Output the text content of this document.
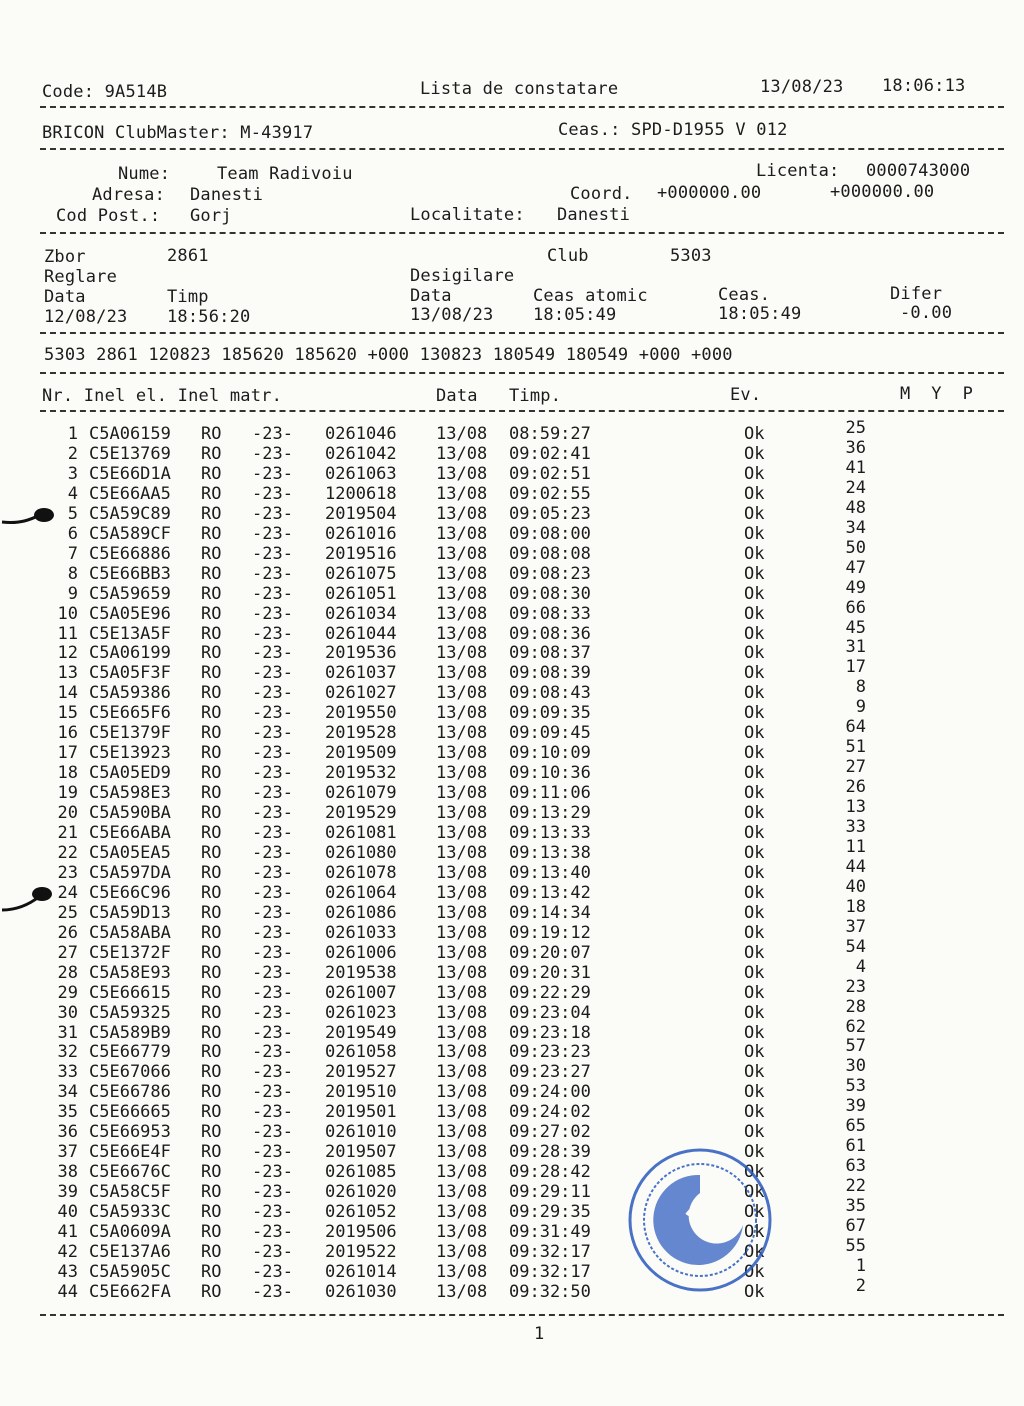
Code: 9A514B	Lista de constatare	13/08/23 18:06:13
BRICON ClubMaster: M-43917	Ceas.: SPD-D1955 V 012
Nume:	Team Radivoiu	Licenta: 0000743000
Adresa: Danesti	Coord. +000000.00	+000000.00
Cod Post.: Gorj	Localitate: Danesti
Zbor	2861	Club	5303
Reglare	Desigilare
Data	Timp	Data	Ceas atomic	Ceas.	Difer
12/08/23 18:56:20	13/08/23 18:05:49	18:05:49	-0.00
5303 2861 120823 185620 185620 +000 130823 180549 180549 +000 +000
Nr. Inel el. Inel matr.	Data Timp.	Ev.	M  Y  P
1 C5A06159 RO -23- 0261046 13/08 08:59:27	Ok	25
2 C5E13769 RO -23- 0261042 13/08 09:02:41	Ok	36
3 C5E66D1A RO -23- 0261063 13/08 09:02:51	Ok	41
4 C5E66AA5 RO -23- 1200618 13/08 09:02:55	Ok	24
5 C5A59C89 RO -23- 2019504 13/08 09:05:23	Ok	48
6 C5A589CF RO -23- 0261016 13/08 09:08:00	Ok	34
7 C5E66886 RO -23- 2019516 13/08 09:08:08	Ok	50
8 C5E66BB3 RO -23- 0261075 13/08 09:08:23	Ok	47
9 C5A59659 RO -23- 0261051 13/08 09:08:30	Ok	49
10 C5A05E96 RO -23- 0261034 13/08 09:08:33	Ok	66
11 C5E13A5F RO -23- 0261044 13/08 09:08:36	Ok	45
12 C5A06199 RO -23- 2019536 13/08 09:08:37	Ok	31
13 C5A05F3F RO -23- 0261037 13/08 09:08:39	Ok	17
14 C5A59386 RO -23- 0261027 13/08 09:08:43	Ok	8
15 C5E665F6 RO -23- 2019550 13/08 09:09:35	Ok	9
16 C5E1379F RO -23- 2019528 13/08 09:09:45	Ok	64
17 C5E13923 RO -23- 2019509 13/08 09:10:09	Ok	51
18 C5A05ED9 RO -23- 2019532 13/08 09:10:36	Ok	27
19 C5A598E3 RO -23- 0261079 13/08 09:11:06	Ok	26
20 C5A590BA RO -23- 2019529 13/08 09:13:29	Ok	13
21 C5E66ABA RO -23- 0261081 13/08 09:13:33	Ok	33
22 C5A05EA5 RO -23- 0261080 13/08 09:13:38	Ok	11
23 C5A597DA RO -23- 0261078 13/08 09:13:40	Ok	44
24 C5E66C96 RO -23- 0261064 13/08 09:13:42	Ok	40
25 C5A59D13 RO -23- 0261086 13/08 09:14:34	Ok	18
26 C5A58ABA RO -23- 0261033 13/08 09:19:12	Ok	37
27 C5E1372F RO -23- 0261006 13/08 09:20:07	Ok	54
28 C5A58E93 RO -23- 2019538 13/08 09:20:31	Ok	4
29 C5E66615 RO -23- 0261007 13/08 09:22:29	Ok	23
30 C5A59325 RO -23- 0261023 13/08 09:23:04	Ok	28
31 C5A589B9 RO -23- 2019549 13/08 09:23:18	Ok	62
32 C5E66779 RO -23- 0261058 13/08 09:23:23	Ok	57
33 C5E67066 RO -23- 2019527 13/08 09:23:27	Ok	30
34 C5E66786 RO -23- 2019510 13/08 09:24:00	Ok	53
35 C5E66665 RO -23- 2019501 13/08 09:24:02	Ok	39
36 C5E66953 RO -23- 0261010 13/08 09:27:02	Ok	65
37 C5E66E4F RO -23- 2019507 13/08 09:28:39	Ok	61
38 C5E6676C RO -23- 0261085 13/08 09:28:42	Ok	63
39 C5A58C5F RO -23- 0261020 13/08 09:29:11	Ok	22
40 C5A5933C RO -23- 0261052 13/08 09:29:35	Ok	35
41 C5A0609A RO -23- 2019506 13/08 09:31:49	Ok	67
42 C5E137A6 RO -23- 2019522 13/08 09:32:17	Ok	55
43 C5A5905C RO -23- 0261014 13/08 09:32:17	Ok	1
44 C5E662FA RO -23- 0261030 13/08 09:32:50	Ok	2
1
